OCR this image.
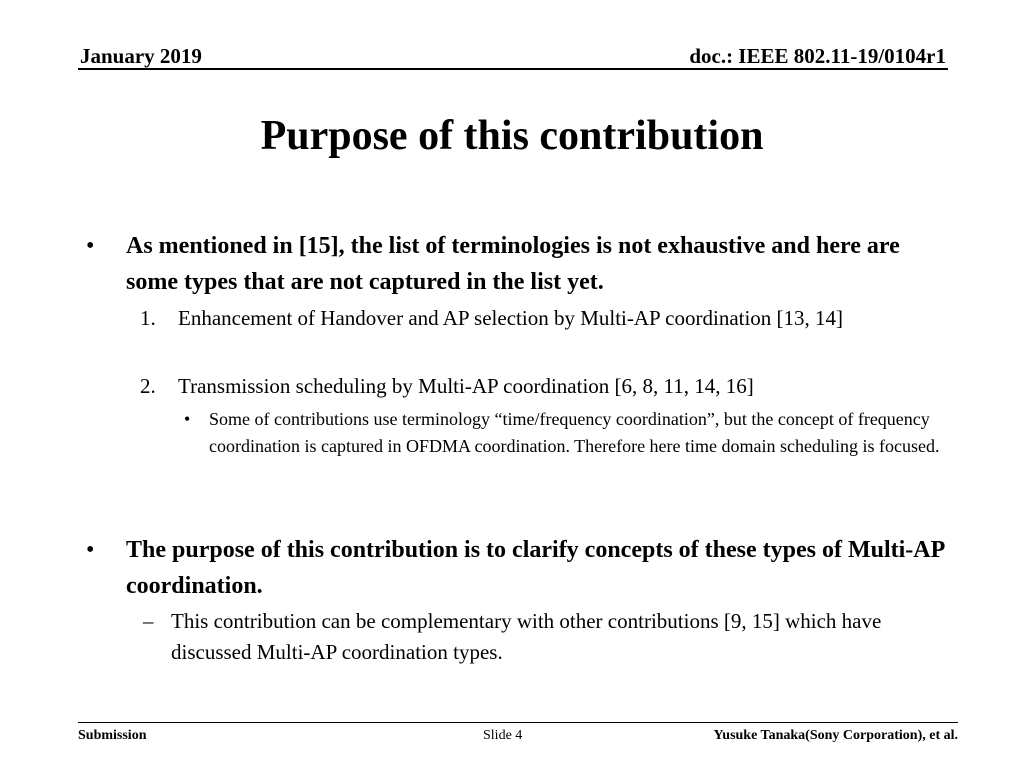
January 2019	doc.: IEEE 802.11-19/0104r1
Purpose of this contribution
• As mentioned in [15], the list of terminologies is not exhaustive and here are some types that are not captured in the list yet.
1. Enhancement of Handover and AP selection by Multi-AP coordination [13, 14]
2. Transmission scheduling by Multi-AP coordination [6, 8, 11, 14, 16]
• Some of contributions use terminology “time/frequency coordination”, but the concept of frequency coordination is captured in OFDMA coordination. Therefore here time domain scheduling is focused.
• The purpose of this contribution is to clarify concepts of these types of Multi-AP coordination.
– This contribution can be complementary with other contributions [9, 15] which have discussed Multi-AP coordination types.
Submission	Slide 4	Yusuke Tanaka(Sony Corporation), et al.
